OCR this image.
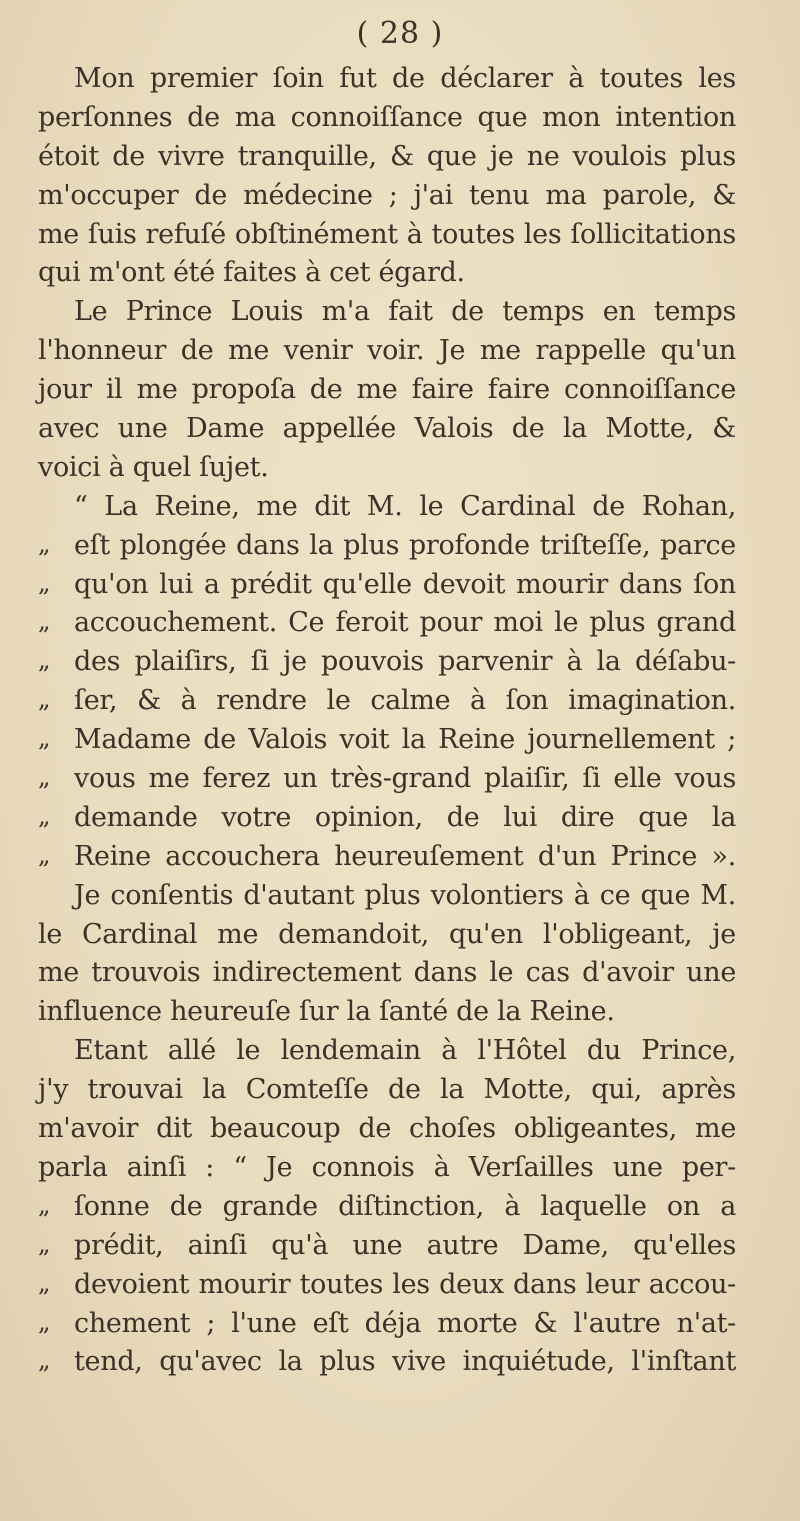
( 28 )
Mon premier ſoin fut de déclarer à toutes les
perſonnes de ma connoiſſance que mon intention
étoit de vivre tranquille, & que je ne voulois plus
m'occuper de médecine ; j'ai tenu ma parole, &
me ſuis refuſé obſtinément à toutes les ſollicitations
qui m'ont été faites à cet égard.
Le Prince Louis m'a fait de temps en temps
l'honneur de me venir voir. Je me rappelle qu'un
jour il me propoſa de me faire faire connoiſſance
avec une Dame appellée Valois de la Motte, &
voici à quel ſujet.
“ La Reine, me dit M. le Cardinal de Rohan,
„ eſt plongée dans la plus profonde triſteſſe, parce
„ qu'on lui a prédit qu'elle devoit mourir dans ſon
„ accouchement. Ce feroit pour moi le plus grand
„ des plaiſirs, ſi je pouvois parvenir à la déſabu-
„ ſer, & à rendre le calme à ſon imagination.
„ Madame de Valois voit la Reine journellement ;
„ vous me ferez un très-grand plaiſir, ſi elle vous
„ demande votre opinion, de lui dire que la
„ Reine accouchera heureuſement d'un Prince ».
Je conſentis d'autant plus volontiers à ce que M.
le Cardinal me demandoit, qu'en l'obligeant, je
me trouvois indirectement dans le cas d'avoir une
influence heureuſe ſur la ſanté de la Reine.
Etant allé le lendemain à l'Hôtel du Prince,
j'y trouvai la Comteſſe de la Motte, qui, après
m'avoir dit beaucoup de choſes obligeantes, me
parla ainſi : “ Je connois à Verſailles une per-
„ ſonne de grande diſtinction, à laquelle on a
„ prédit, ainſi qu'à une autre Dame, qu'elles
„ devoient mourir toutes les deux dans leur accou-
„ chement ; l'une eſt déja morte & l'autre n'at-
„ tend, qu'avec la plus vive inquiétude, l'inſtant
